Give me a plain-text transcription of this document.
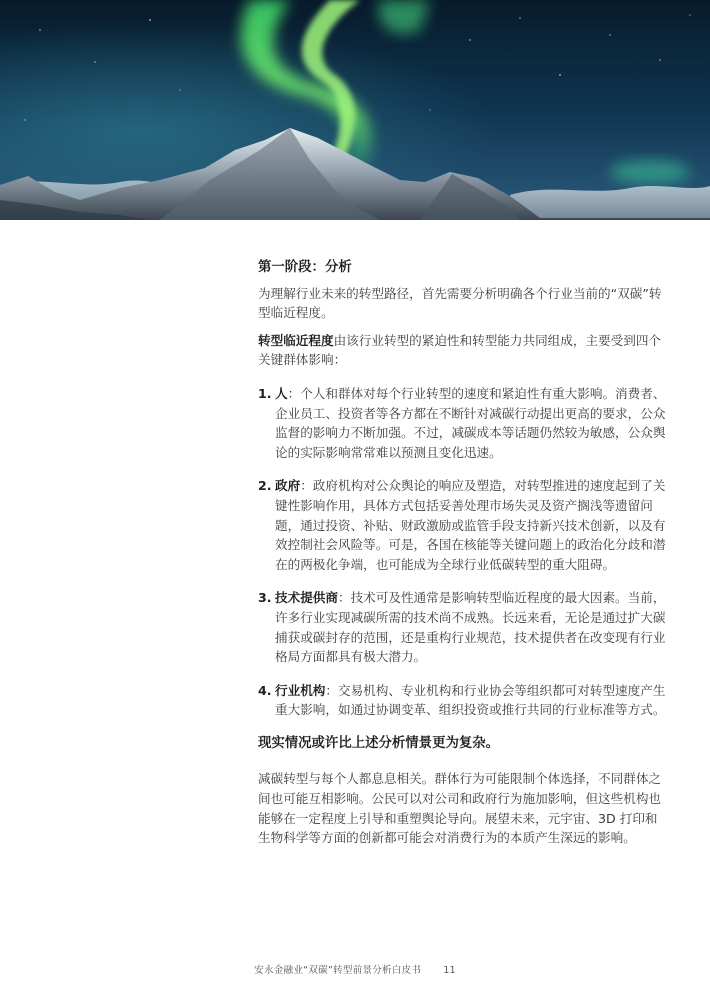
第一阶段：分析

为理解行业未来的转型路径，首先需要分析明确各个行业当前的“双碳”转型临近程度。

转型临近程度由该行业转型的紧迫性和转型能力共同组成，主要受到四个关键群体影响：

1. 人：个人和群体对每个行业转型的速度和紧迫性有重大影响。消费者、企业员工、投资者等各方都在不断针对减碳行动提出更高的要求，公众监督的影响力不断加强。不过，减碳成本等话题仍然较为敏感，公众舆论的实际影响常常难以预测且变化迅速。
2. 政府：政府机构对公众舆论的响应及塑造，对转型推进的速度起到了关键性影响作用，具体方式包括妥善处理市场失灵及资产搁浅等遗留问题，通过投资、补贴、财政激励或监管手段支持新兴技术创新，以及有效控制社会风险等。可是，各国在核能等关键问题上的政治化分歧和潜在的两极化争端，也可能成为全球行业低碳转型的重大阻碍。
3. 技术提供商：技术可及性通常是影响转型临近程度的最大因素。当前，许多行业实现减碳所需的技术尚不成熟。长远来看，无论是通过扩大碳捕获或碳封存的范围，还是重构行业规范，技术提供者在改变现有行业格局方面都具有极大潜力。
4. 行业机构：交易机构、专业机构和行业协会等组织都可对转型速度产生重大影响，如通过协调变革、组织投资或推行共同的行业标准等方式。

现实情况或许比上述分析情景更为复杂。

减碳转型与每个人都息息相关。群体行为可能限制个体选择，不同群体之间也可能互相影响。公民可以对公司和政府行为施加影响，但这些机构也能够在一定程度上引导和重塑舆论导向。展望未来，元宇宙、3D 打印和生物科学等方面的创新都可能会对消费行为的本质产生深远的影响。

安永金融业“双碳”转型前景分析白皮书 11
